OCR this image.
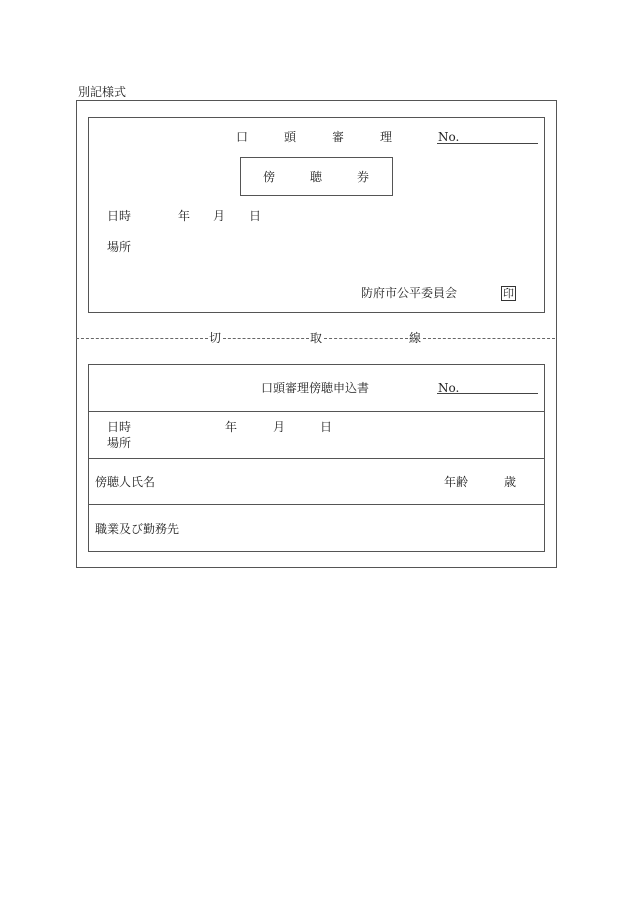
別記様式
口	頭	審	理	No.
傍	聴	券
日時	年 月 日
場所
防府市公平委員会	印
切	取	線
口頭審理傍聴申込書	No.
日時	年	月	日
場所
傍聴人氏名	年齢	歳
職業及び勤務先
